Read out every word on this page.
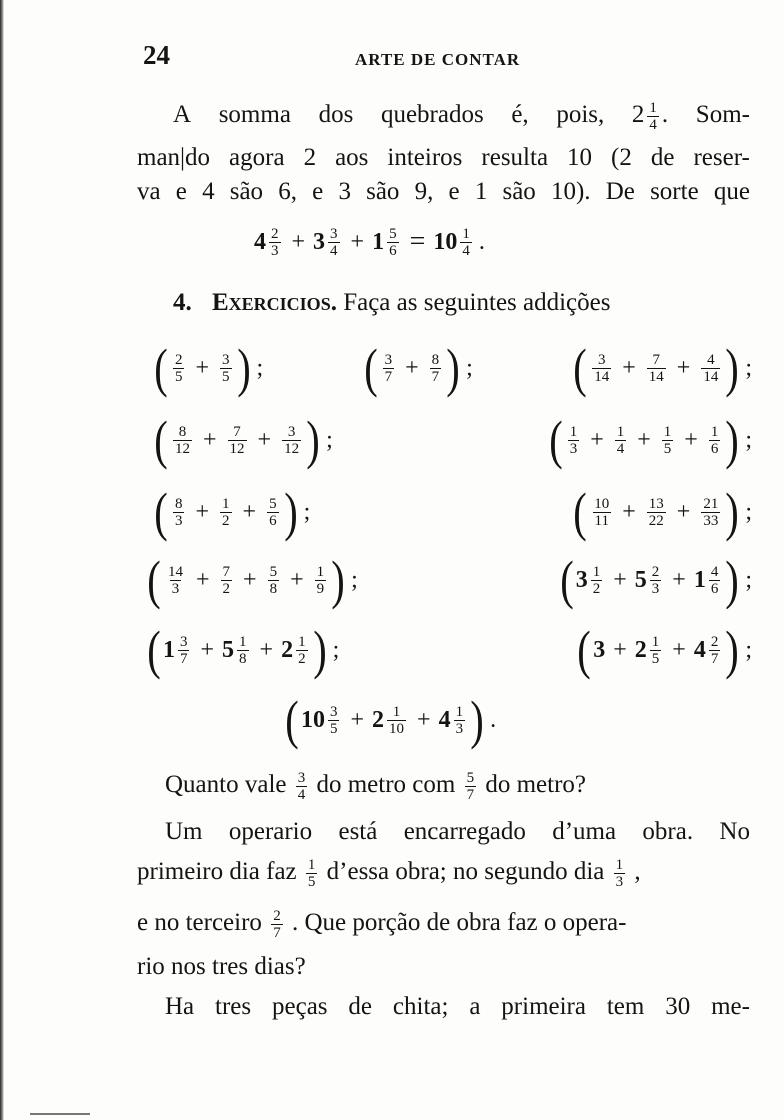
24	ARTE DE CONTAR
A somma dos quebrados é, pois, $2 \frac{1}{4}$ . Som-
man|do agora 2 aos inteiros resulta 10 (2 de reser-
va e 4 são 6, e 3 são 9, e 1 são 10). De sorte que
$4 \frac{2}{3} + 3 \frac{3}{4} + 1 \frac{5}{6} = 10 \frac{1}{4}$ .
4. Exercicios. Faça as seguintes addições
( $\frac{2}{5} + \frac{3}{5}$ ) ; ( $\frac{3}{7} + \frac{8}{7}$ ) ; ( $\frac{3}{14} + \frac{7}{14} + \frac{4}{14}$ ) ;
( $\frac{8}{12} + \frac{7}{12} + \frac{3}{12}$ ) ;	( $\frac{1}{3} + \frac{1}{4} + \frac{1}{5} + \frac{1}{6}$ ) ;
( $\frac{8}{3} + \frac{1}{2} + \frac{5}{6}$ ) ;	( $\frac{10}{11} + \frac{13}{22} + \frac{21}{33}$ ) ;
( $\frac{14}{3} + \frac{7}{2} + \frac{5}{8} + \frac{1}{9}$ ) ;	( $3 \frac{1}{2} + 5 \frac{2}{3} + 1 \frac{4}{6}$ ) ;
( $1 \frac{3}{7} + 5 \frac{1}{8} + 2 \frac{1}{2}$ ) ;	( $3 + 2 \frac{1}{5} + 4 \frac{2}{7}$ ) ;
( $10 \frac{3}{5} + 2 \frac{1}{10} + 4 \frac{1}{3}$ ) .
Quanto vale $\frac{3}{4}$ do metro com $\frac{5}{7}$ do metro?
Um operario está encarregado d’uma obra. No
primeiro dia faz $\frac{1}{5}$ d’essa obra; no segundo dia $\frac{1}{3}$ ,
e no terceiro $\frac{2}{7}$ . Que porção de obra faz o opera-
rio nos tres dias?
Ha tres peças de chita; a primeira tem 30 me-
